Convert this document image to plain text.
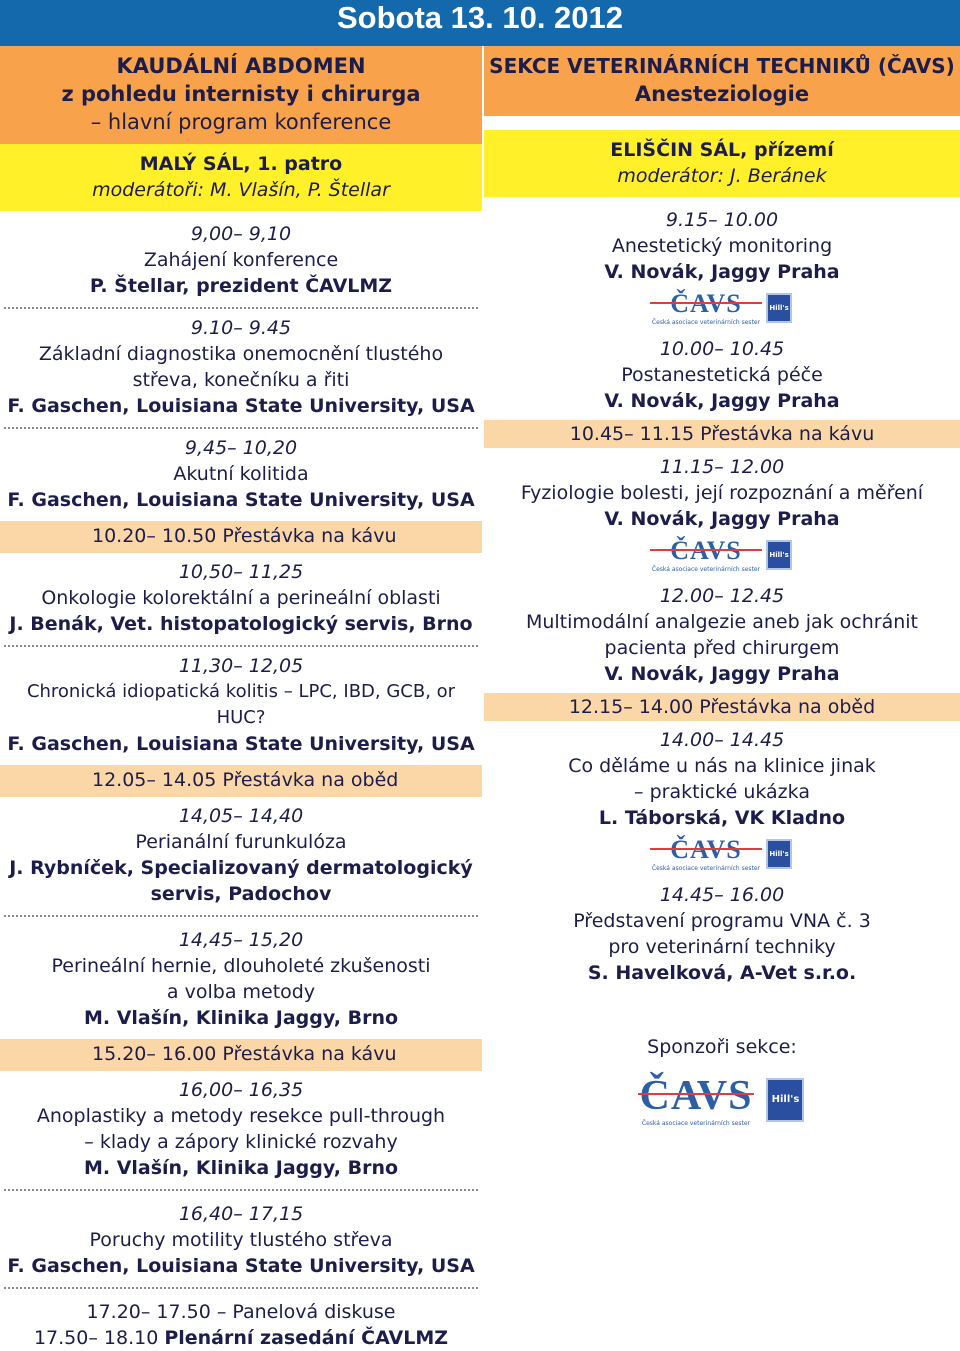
Sobota 13. 10. 2012
KAUDÁLNÍ ABDOMEN
z pohledu internisty i chirurga
– hlavní program konference
MALÝ SÁL, 1. patro
moderátoři: M. Vlašín, P. Štellar
9,00– 9,10
Zahájení konference
P. Štellar, prezident ČAVLMZ
9.10– 9.45
Základní diagnostika onemocnění tlustého
střeva, konečníku a řiti
F. Gaschen, Louisiana State University, USA
9,45– 10,20
Akutní kolitida
F. Gaschen, Louisiana State University, USA
10.20– 10.50 Přestávka na kávu
10,50– 11,25
Onkologie kolorektální a perineální oblasti
J. Benák, Vet. histopatologický servis, Brno
11,30– 12,05
Chronická idiopatická kolitis – LPC, IBD, GCB, or HUC?
F. Gaschen, Louisiana State University, USA
12.05– 14.05 Přestávka na oběd
14,05– 14,40
Perianální furunkulóza
J. Rybníček, Specializovaný dermatologický
servis, Padochov
14,45– 15,20
Perineální hernie, dlouholeté zkušenosti
a volba metody
M. Vlašín, Klinika Jaggy, Brno
15.20– 16.00 Přestávka na kávu
16,00– 16,35
Anoplastiky a metody resekce pull-through
– klady a zápory klinické rozvahy
M. Vlašín, Klinika Jaggy, Brno
16,40– 17,15
Poruchy motility tlustého střeva
F. Gaschen, Louisiana State University, USA
17.20– 17.50 – Panelová diskuse
17.50– 18.10 Plenární zasedání ČAVLMZ
SEKCE VETERINÁRNÍCH TECHNIKŮ (ČAVS)
Anesteziologie
ELIŠČIN SÁL, přízemí
moderátor: J. Beránek
9.15– 10.00
Anestetický monitoring
V. Novák, Jaggy Praha
ČAVS
Česká asociace veterinárních sester
Hill's
10.00– 10.45
Postanestetická péče
V. Novák, Jaggy Praha
10.45– 11.15 Přestávka na kávu
11.15– 12.00
Fyziologie bolesti, její rozpoznání a měření
V. Novák, Jaggy Praha
ČAVS
Česká asociace veterinárních sester
Hill's
12.00– 12.45
Multimodální analgezie aneb jak ochránit
pacienta před chirurgem
V. Novák, Jaggy Praha
12.15– 14.00 Přestávka na oběd
14.00– 14.45
Co děláme u nás na klinice jinak
– praktické ukázka
L. Táborská, VK Kladno
ČAVS
Česká asociace veterinárních sester
Hill's
14.45– 16.00
Představení programu VNA č. 3
pro veterinární techniky
S. Havelková, A-Vet s.r.o.
Sponzoři sekce:
ČAVS
Česká asociace veterinárních sester
Hill's
